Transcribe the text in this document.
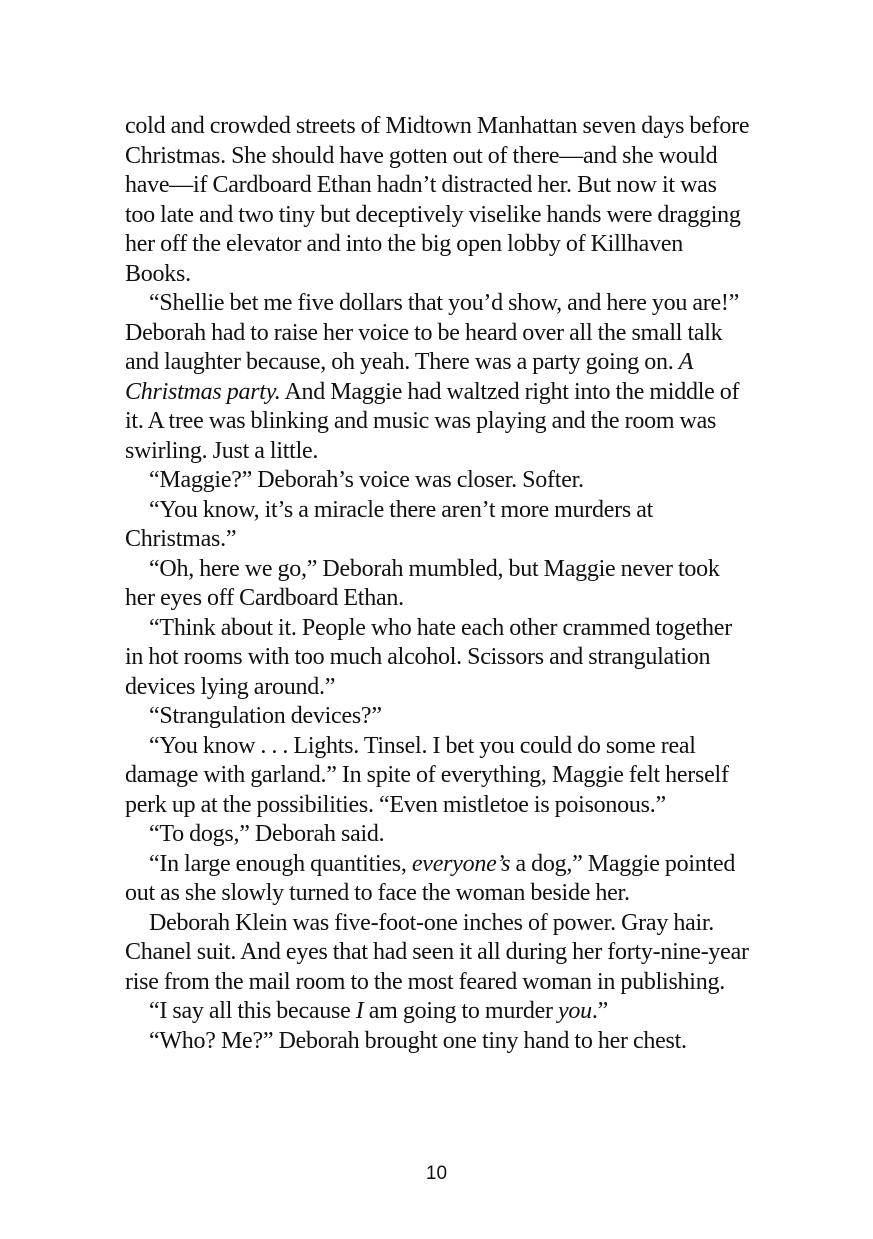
cold and crowded streets of Midtown Manhattan seven days before Christmas. She should have gotten out of there—and she would have—if Cardboard Ethan hadn’t distracted her. But now it was too late and two tiny but deceptively viselike hands were dragging her off the elevator and into the big open lobby of Killhaven Books.

“Shellie bet me five dollars that you’d show, and here you are!” Deborah had to raise her voice to be heard over all the small talk and laughter because, oh yeah. There was a party going on. A Christmas party. And Maggie had waltzed right into the middle of it. A tree was blinking and music was playing and the room was swirling. Just a little.

“Maggie?” Deborah’s voice was closer. Softer.

“You know, it’s a miracle there aren’t more murders at Christmas.”

“Oh, here we go,” Deborah mumbled, but Maggie never took her eyes off Cardboard Ethan.

“Think about it. People who hate each other crammed together in hot rooms with too much alcohol. Scissors and strangulation devices lying around.”

“Strangulation devices?”

“You know . . . Lights. Tinsel. I bet you could do some real damage with garland.” In spite of everything, Maggie felt herself perk up at the possibilities. “Even mistletoe is poisonous.”

“To dogs,” Deborah said.

“In large enough quantities, everyone’s a dog,” Maggie pointed out as she slowly turned to face the woman beside her.

Deborah Klein was five-foot-one inches of power. Gray hair. Chanel suit. And eyes that had seen it all during her forty-nine-year rise from the mail room to the most feared woman in publishing.

“I say all this because I am going to murder you.”

“Who? Me?” Deborah brought one tiny hand to her chest.

10
